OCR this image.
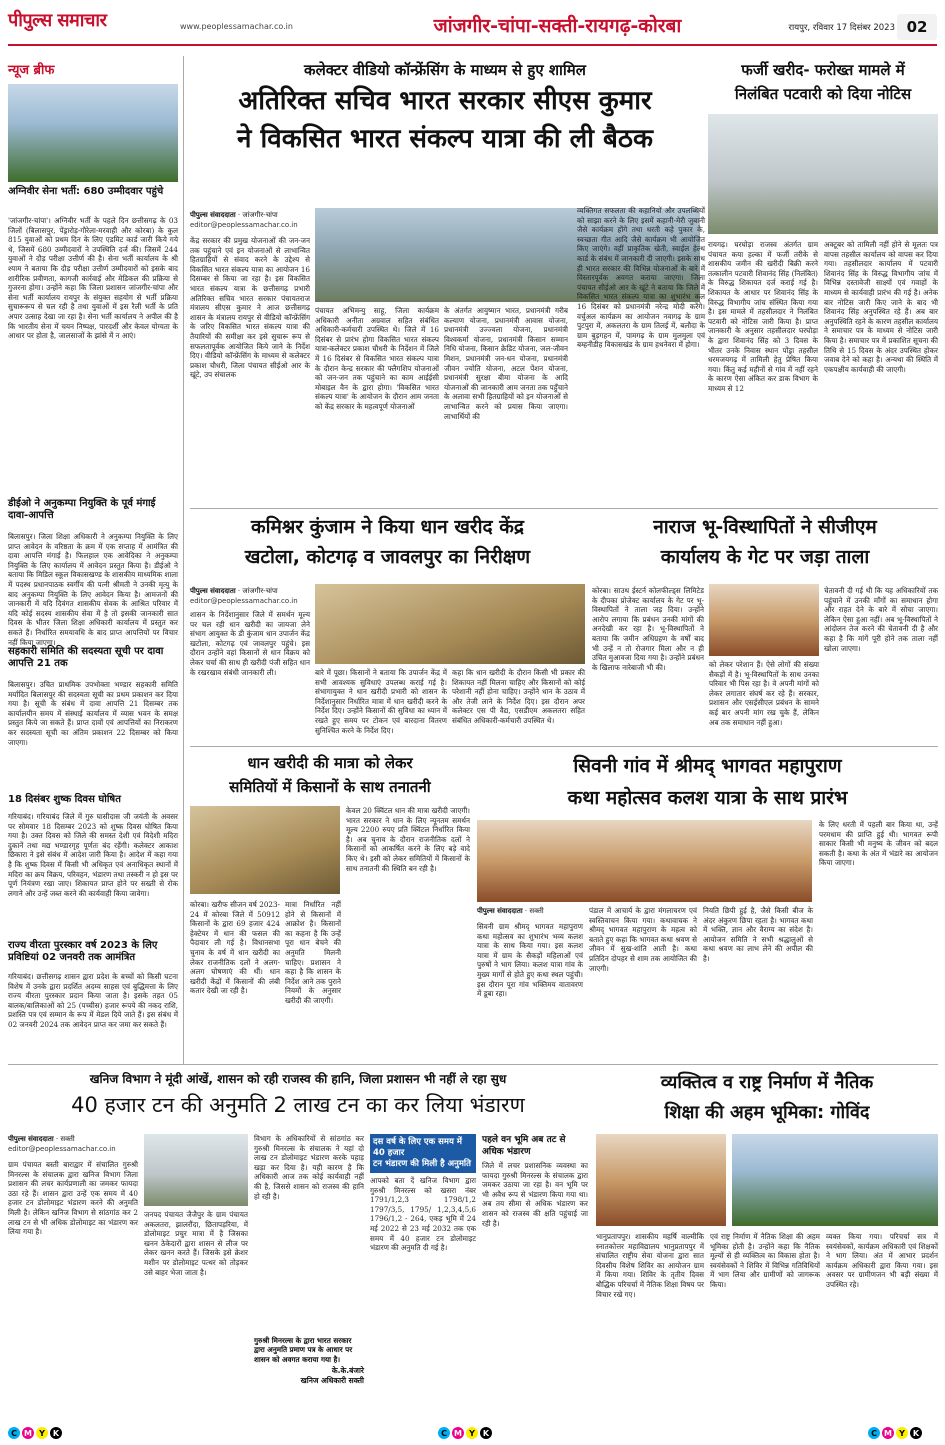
पीपुल्स समाचार	www.peoplessamachar.co.in	जांजगीर-चांपा-सक्ती-रायगढ़-कोरबा	रायपुर, रविवार 17 दिसंबर 2023 02
न्यूज ब्रीफ
अग्निवीर सेना भर्ती: 680 उम्मीदवार पहुंचे
'जांजगीर-चांपा'। अग्निवीर भर्ती के पहले दिन छत्तीसगढ़ के 03 जिलों (बिलासपुर, पेंड्रारोड़-गौरेला-मरवाही और कोरबा) के कुल 815 युवाओं को प्रथम दिन के लिए एडमिट कार्ड जारी किये गये थे, जिसमें 680 उम्मीदवारों ने उपस्थिति दर्ज की। जिसमें 244 युवाओं ने दौड़ परीक्षा उत्तीर्ण की है। सेना भर्ती कार्यालय के श्री श्याम ने बताया कि दौड़ परीक्षा उत्तीर्ण उम्मीदवारों को इसके बाद शारीरिक प्रवीणता, कागजी कार्रवाई और मेडिकल की प्रक्रिया से गुजरना होगा। उन्होंने कहा कि जिला प्रशासन जांजगीर-चांपा और सेना भर्ती कार्यालय रायपुर के संयुक्त सहयोग से भर्ती प्रक्रिया सुचारूरूप से चल रही है तथा युवाओं में इस रैली भर्ती के प्रति अपार उत्साह देखा जा रहा है। सेना भर्ती कार्यालय ने अपील की है कि भारतीय सेना में चयन निष्पक्ष, पारदर्शी और केवल योग्यता के आधार पर होता है, जालसाजों के झांसे में न आएं।
डीईओ ने अनुकम्पा नियुक्ति के पूर्व मंगाई दावा-आपत्ति
बिलासपुर। जिला शिक्षा अधिकारी ने अनुकम्पा नियुक्ति के लिए प्राप्त आवेदन के वरिष्ठता के क्रम में एक सप्ताह में आमंत्रित की दावा आपत्ति मंगाई है। फिलहाल एक आवेदिका ने अनुकम्पा नियुक्ति के लिए कार्यालय में आवेदन प्रस्तुत किया है। डीईओ ने बताया कि मिडिल स्कूल विकासखण्ड के शासकीय माध्यमिक शाला में पदस्थ प्रधानपाठक स्वर्गीय की पत्नी श्रीमती ने उनकी मृत्यु के बाद अनुकम्पा नियुक्ति के लिए आवेदन किया है। आमजनों की जानकारी में यदि दिवंगत शासकीय सेवक के आश्रित परिवार में यदि कोई सदस्य शासकीय सेवा में है तो इसकी जानकारी सात दिवस के भीतर जिला शिक्षा अधिकारी कार्यालय में प्रस्तुत कर सकते हैं। निर्धारित समयावधि के बाद प्राप्त आपत्तियों पर विचार नहीं किया जाएगा।
सहकारी समिति की सदस्यता सूची पर दावा आपत्ति 21 तक
बिलासपुर। उचित प्राथमिक उपभोक्ता भण्डार सहकारी समिति मर्यादित बिलासपुर की सदस्यता सूची का प्रथम प्रकाशन कर दिया गया है। सूची के संबंध में दावा आपत्ति 21 दिसम्बर तक कार्यालयीन समय में संस्थाई कार्यालय में व्यास भवन के समक्ष प्रस्तुत किये जा सकते हैं। प्राप्त दावों एवं आपत्तियों का निराकरण कर सदस्यता सूची का अंतिम प्रकाशन 22 दिसम्बर को किया जाएगा।
18 दिसंबर शुष्क दिवस घोषित
गरियाबंद। गरियाबंद जिले में गुरु घासीदास जी जयंती के अवसर पर सोमवार 18 दिसम्बर 2023 को शुष्क दिवस घोषित किया गया है। उक्त दिवस को जिले की समस्त देशी एवं विदेशी मदिरा दुकानें तथा मद्य भण्डारगृह पूर्णतः बंद रहेंगी। कलेक्टर आकाश छिकारा ने इसे संबंध में आदेश जारी किया है। आदेश में कहा गया है कि शुष्क दिवस में किसी भी अधिकृत एवं अनाधिकृत स्थानों में मदिरा का क्रय विक्रय, परिवहन, भंडारण तथा तस्करी न हो इस पर पूर्ण नियंत्रण रखा जाए। शिकायत प्राप्त होने पर सख्ती से रोक लगाने और उन्हें जब्त करने की कार्यवाही किया जावेगा।
राज्य वीरता पुरस्कार वर्ष 2023 के लिए प्रविष्टियां 02 जनवरी तक आमंत्रित
गरियाबंद। छत्तीसगढ़ शासन द्वारा प्रदेश के बच्चों को किसी घटना विशेष में उनके द्वारा प्रदर्शित अदम्य साहस एवं बुद्धिमत्ता के लिए राज्य वीरता पुरस्कार प्रदान किया जाता है। इसके तहत 05 बालक/बालिकाओं को 25 (पच्चीस) हजार रूपये की नकद राशि, प्रशस्ति पत्र एवं सम्मान के रूप में मेडल दिये जाते हैं। इस संबंध में 02 जनवरी 2024 तक आवेदन प्राप्त कर जमा कर सकते हैं।
कलेक्टर वीडियो कॉन्फ्रेंसिंग के माध्यम से हुए शामिल
अतिरिक्त सचिव भारत सरकार सीएस कुमार
ने विकसित भारत संकल्प यात्रा की ली बैठक
पीपुल्स संवाददाता · जांजगीर-चांपा
editor@peoplessamachar.co.in
केंद्र सरकार की प्रमुख योजनाओं की जन-जन तक पहुंचाने एवं इन योजनाओं से लाभान्वित हितग्राहियों से संवाद करने के उद्देश्य से विकसित भारत संकल्प यात्रा का आयोजन 16 दिसम्बर से किया जा रहा है। इस विकसित भारत संकल्प यात्रा के छत्तीसगढ़ प्रभारी अतिरिक्त सचिव भारत सरकार पंचायतराज मंत्रालय सीएस कुमार ने आज छत्तीसगढ़ शासन के मंत्रालय रायपुर से वीडियो कॉन्फ्रेंसिंग के जरिए विकसित भारत संकल्प यात्रा की तैयारियों की समीक्षा कर इसे सुचारू रूप से सफलतापूर्वक आयोजित किये जाने के निर्देश दिए। वीडियो कॉन्फ्रेंसिंग के माध्यम से कलेक्टर प्रकाश चौधरी, जिला पंचायत सीईओ आर के खूंटे, उप संचालक
पंचायत अभिमन्यु साहू, जिला कार्यक्रम अधिकारी अनीता अग्रवाल सहित संबंधित अधिकारी-कर्मचारी उपस्थित थे। जिले में 16 दिसंबर से प्रारंभ होगा विकसित भारत संकल्प यात्रा-कलेक्टर प्रकाश चौधरी के निर्देशन में जिले में 16 दिसंबर से विकसित भारत संकल्प यात्रा के दौरान केन्द्र सरकार की फ्लैगशिप योजनाओं को जन-जन तक पहुंचाने का काम आईईसी मोबाइल वैन के द्वारा होगा। 'विकसित भारत संकल्प यात्रा' के आयोजन के दौरान आम जनता को केंद्र सरकार के महत्वपूर्ण योजनाओं
के अंतर्गत आयुष्मान भारत, प्रधानमंत्री गरीब कल्याण योजना, प्रधानमंत्री आवास योजना, प्रधानमंत्री उज्ज्वला योजना, प्रधानमंत्री विश्वकर्मा योजना, प्रधानमंत्री किसान सम्मान निधि योजना, किसान क्रेडिट योजना, जल-जीवन मिशन, प्रधानमंत्री जन-धन योजना, प्रधानमंत्री जीवन ज्योति योजना, अटल पेंशन योजना, प्रधानमंत्री सुरक्षा बीमा योजना के आदि योजनाओं की जानकारी आम जनता तक पहुँचाने के अलावा सभी हितग्राहियों को इन योजनाओं से लाभान्वित करने को प्रयास किया जाएगा। लाभार्थियों की
व्यक्तिगत सफलता की कहानियों और उपलब्धियों को साझा करने के लिए इसमें कहानी-मेरी जुबानी जैसे कार्यक्रम होंगे तथा धरती कहे पुकार के, स्वच्छता गीत आदि जैसे कार्यक्रम भी आयोजित किए जाएंगे। वहीं प्राकृतिक खेती, स्वाईल हेल्थ कार्ड के संबंध में जानकारी दी जाएगी। इसके साथ ही भारत सरकार की विभिन्न योजनाओं के बारे में विस्तारपूर्वक अवगत कराया जाएगा। जिला पंचायत सीईओ आर के खूंटे ने बताया कि जिले में विकसित भारत संकल्प यात्रा का शुभारंभ कल 16 दिसंबर को प्रधानमंत्री नरेन्द्र मोदी करेंगे। वर्चुअल कार्यक्रम का आयोजन नवागढ़ के ग्राम पुटपुरा में, अकलतरा के ग्राम तिलई में, बलौदा के ग्राम बुड़गहन में, पामगढ़ के ग्राम मुलमुला एवं बम्हनीडीह विकासखंड के ग्राम हथनेवरा में होगा।
फर्जी खरीद- फरोख्त मामले में
निलंबित पटवारी को दिया नोटिस
रायगढ़। घरघोड़ा राजस्व अंतर्गत ग्राम पंचायत कया हल्का में फर्जी तरीके से शासकीय जमीन की खरीदी बिक्री करने तत्कालीन पटवारी शिवानंद सिंह (निलंबित) के विरुद्ध शिकायत दर्ज कराई गई है। शिकायत के आधार पर शिवानंद सिंह के विरुद्ध विभागीय जांच संस्थित किया गया है। इस मामले में तहसीलदार ने निलंबित पटवारी को नोटिस जारी किया है। प्राप्त जानकारी के अनुसार तहसीलदार घरघोड़ा के द्वारा शिवानंद सिंह को 3 दिवस के भीतर उनके निवास स्थान पोंड्रा तहसील धरमजयगढ़ में तामिली हेतु प्रेषित किया गया। किंतु कई महीनों से गांव में नहीं रहने के कारण ऐसा अंकित कर डाक विभाग के माध्यम से 12
अक्टूबर को तामिली नहीं होने से मूलतः पत्र वापस तहसील कार्यालय को वापस कर दिया गया। तहसीलदार कार्यालय में पटवारी शिवानंद सिंह के विरुद्ध विभागीय जांच में विभिन्न दस्तावेजी साक्ष्यों एवं गवाहों के माध्यम से कार्यवाही प्रारंभ की गई है। अनेक बार नोटिस जारी किए जाने के बाद भी शिवानंद सिंह अनुपस्थित रहे हैं। अब बार अनुपस्थिति रहने के कारण तहसील कार्यालय ने समाचार पत्र के माध्यम से नोटिस जारी किया है। समाचार पत्र में प्रकाशित सूचना की तिथि से 15 दिवस के अंदर उपस्थित होकर जवाब देने को कहा है। अन्यथा की स्थिति में एकपक्षीय कार्यवाही की जाएगी।
कमिश्नर कुंजाम ने किया धान खरीद केंद्र
खटोला, कोटगढ़ व जावलपुर का निरीक्षण
पीपुल्स संवाददाता · जांजगीर-चांपा
editor@peoplessamachar.co.in
शासन के निर्देशानुसार जिले में समर्थन मूल्य पर चल रही धान खरीदी का जायजा लेने संभाग आयुक्त के डी कुंजाम धान उपार्जन केंद्र खटोला, कोटगढ़ एवं जावलपुर पहुंचे। इस दौरान उन्होंने वहां किसानों से धान विक्रय को लेकर चर्चा की साथ ही खरीदी पंजी सहित धान के रखरखाव संबंधी जानकारी ली।	बारे में पूछा। किसानों ने बताया कि उपार्जन केंद्र में सभी आवश्यक सुविधाएं उपलब्ध कराई गई है। संभागायुक्त ने धान खरीदी प्रभारी को शासन के निर्देशानुसार निर्धारित मात्रा में धान खरीदी करने के निर्देश दिए। उन्होंने किसानों की सुविधा का ध्यान में रखते हुए समय पर टोकन एवं बारदाना वितरण सुनिश्चित करने के निर्देश दिए।
कहा कि धान खरीदी के दौरान किसी भी प्रकार की शिकायत नहीं मिलना चाहिए और किसानों को कोई परेशानी नहीं होना चाहिए। उन्होंने धान के उठाव में और तेजी लाने के निर्देश दिए। इस दौरान अपर कलेक्टर एस पी वैद्य, एसडीएम अकलतरा सहित संबंधित अधिकारी-कर्मचारी उपस्थित थे।
नाराज भू-विस्थापितों ने सीजीएम
कार्यालय के गेट पर जड़ा ताला
कोरबा। साउथ ईस्टर्न कोलफील्ड्स लिमिटेड के दीपका प्रोजेक्ट कार्यालय के गेट पर भू-विस्थापितों ने ताला जड़ दिया। उन्होंने आरोप लगाया कि प्रबंधन उनकी मांगों की अनदेखी कर रहा है। भू-विस्थापितों ने बताया कि जमीन अधिग्रहण के वर्षों बाद भी उन्हें न तो रोजगार मिला और न ही उचित मुआवजा दिया गया है। उन्होंने प्रबंधन के खिलाफ नारेबाजी भी की।	को लेकर परेशान हैं। ऐसे लोगों की संख्या सैकड़ों में है। भू-विस्थापितों के साथ उनका परिवार भी पिस रहा है। वे अपनी मांगों को लेकर लगातार संघर्ष कर रहे हैं। सरकार, प्रशासन और एसईसीएल प्रबंधन के सामने कई बार अपनी मांग रख चुके हैं, लेकिन अब तक समाधान नहीं हुआ।
चेतावनी दी गई थी कि यह अधिकारियों तक पहुंचाने में उनकी माँगों का समाधान होगा और राहत देने के बारे में सोचा जाएगा। लेकिन ऐसा हुआ नहीं। अब भू-विस्थापितों ने आंदोलन तेज करने की चेतावनी दी है और कहा है कि मांगें पूरी होने तक ताला नहीं खोला जाएगा।
धान खरीदी की मात्रा को लेकर
समितियों में किसानों के साथ तनातनी
कोरबा। खरीफ सीजन वर्ष 2023-24 में कोरबा जिले में 50912 किसानों के द्वारा 69 हजार 424 हेक्टेयर में धान की फसल की पैदावार ली गई है। विधानसभा चुनाव के वर्ष में धान खरीदी का लेकर राजनीतिक दलों ने अलग-अलग घोषणाएं की थीं। धान खरीदी केंद्रों में किसानों की लंबी कतार देखी जा रही है।
केवल 20 क्विंटल धान की मात्रा खरीदी जाएगी। भारत सरकार ने धान के लिए न्यूनतम समर्थन मूल्य 2200 रुपए प्रति क्विंटल निर्धारित किया है। अब चुनाव के दौरान राजनीतिक दलों ने किसानों को आकर्षित करने के लिए बड़े वादे किए थे। इसी को लेकर समितियों में किसानों के साथ तनातनी की स्थिति बन रही है।
मात्रा निर्धारित नहीं होने से किसानों में आक्रोश है। किसानों का कहना है कि उन्हें पूरा धान बेचने की अनुमति मिलनी चाहिए। प्रशासन ने कहा है कि शासन के निर्देश आने तक पुराने नियमों के अनुसार खरीदी की जाएगी।
सिवनी गांव में श्रीमद् भागवत महापुराण
कथा महोत्सव कलश यात्रा के साथ प्रारंभ
पीपुल्स संवाददाता · सक्ती
सिवनी ग्राम श्रीमद् भागवत महापुराण कथा महोत्सव का शुभारंभ भव्य कलश यात्रा के साथ किया गया। इस कलश यात्रा में ग्राम के सैकड़ों महिलाओं एवं पुरुषों ने भाग लिया। कलश यात्रा गांव के मुख्य मार्गों से होते हुए कथा स्थल पहुंची। इस दौरान पूरा गांव भक्तिमय वातावरण में डूबा रहा।
पंडाल में आचार्य के द्वारा मंगलाचरण एवं स्वस्तिवाचन किया गया। कथावाचक ने श्रीमद् भागवत महापुराण के महत्व को बताते हुए कहा कि भागवत कथा श्रवण से जीवन में सुख-शांति आती है। कथा प्रतिदिन दोपहर से शाम तक आयोजित की जाएगी।
नियति छिपी हुई है, जैसे किसी बीज के अंदर अंकुरण छिपा रहता है। भागवत कथा में भक्ति, ज्ञान और वैराग्य का संदेश है। आयोजन समिति ने सभी श्रद्धालुओं से कथा श्रवण का लाभ लेने की अपील की है।
के लिए धरती में पहली बार किया था, उन्हें परमधाम की प्राप्ति हुई थी। भागवत रूपी साकार किसी भी मनुष्य के जीवन को बदल सकती है। कथा के अंत में भंडारे का आयोजन किया जाएगा।
खनिज विभाग ने मूंदी आंखें, शासन को रही राजस्व की हानि, जिला प्रशासन भी नहीं ले रहा सुध
40 हजार टन की अनुमति 2 लाख टन का कर लिया भंडारण
पीपुल्स संवाददाता · सक्ती
editor@peoplessamachar.co.in
ग्राम पंचायत बस्ती बाराद्वार में संचालित गुरुश्री मिनरल्स के संचालक द्वारा खनिज विभाग जिला प्रशासन की लचर कार्यप्रणाली का जमकर फायदा उठा रहे हैं। शासन द्वारा उन्हें एक समय में 40 हजार टन डोलोमाइट भंडारण करने की अनुमति मिली है। लेकिन खनिज विभाग से सांठगांठ कर 2 लाख टन से भी अधिक डोलोमाइट का भंडारण कर लिया गया है।
जनपद पंचायत जैजैपुर के ग्राम पंचायत अकलतरा, झालरौंदा, छितापड़रिया, में डोलोमाइट प्रचुर मात्रा में है जिसका खनन ठेकेदारों द्वारा शासन से लीज पर लेकर खनन करते हैं। जिसके इसे क्रेशर मशीन पर डोलोमाइट पत्थर को तोड़कर उसे बाहर भेजा जाता है।
विभाग के अधिकारियों से सांठगांठ कर गुरुश्री मिनरल्स के संचालक ने यहां दो लाख टन डोलोमाइट भंडारण करके पहाड़ खड़ा कर दिया है। यही कारण है कि अधिकारी आज तक कोई कार्यवाही नहीं की है, जिससे शासन को राजस्व की हानि हो रही है।
गुरुश्री मिनरल्स के द्वारा भारत सरकार द्वारा अनुमति प्रमाण पत्र के आधार पर शासन को अवगत कराया गया है।
के.के.बंजारे
खनिज अधिकारी सक्ती
दस वर्ष के लिए एक समय में 40 हजार
टन भंडारण की मिली है अनुमति
आपको बता दें खनिज विभाग द्वारा गुरुश्री मिनरल्स को खसरा नंबर 1791/1,2,3 1798/1,2 1797/3,5, 1795/ 1,2,3,4,5,6 1796/1,2 - 264, एकड़ भूमि में 24 मई 2022 से 23 मई 2032 तक एक समय में 40 हजार टन डोलोमाइट भंडारण की अनुमति दी गई है।
पहले वन भूमि अब तट से
अधिक भंडारण
जिले में लचर प्रशासनिक व्यवस्था का फायदा गुरुश्री मिनरल्स के संचालक द्वारा जमकर उठाया जा रहा है। वन भूमि पर भी अवैध रूप से भंडारण किया गया था। अब तय सीमा से अधिक भंडारण कर शासन को राजस्व की क्षति पहुंचाई जा रही है।
व्यक्तित्व व राष्ट्र निर्माण में नैतिक
शिक्षा की अहम भूमिका: गोविंद
भानुप्रतापपुर। शासकीय महर्षि वाल्मीकि स्नातकोत्तर महाविद्यालय भानुप्रतापपुर में संचालित राष्ट्रीय सेवा योजना द्वारा सात दिवसीय विशेष शिविर का आयोजन ग्राम में किया गया। शिविर के तृतीय दिवस बौद्धिक परिचर्चा में नैतिक शिक्षा विषय पर विचार रखे गए।
एवं राष्ट्र निर्माण में नैतिक शिक्षा की अहम भूमिका होती है। उन्होंने कहा कि नैतिक मूल्यों से ही व्यक्तित्व का विकास होता है। स्वयंसेवकों ने शिविर में विभिन्न गतिविधियों में भाग लिया और ग्रामीणों को जागरूक किया।
व्यक्त किया गया। परिचर्चा सत्र में स्वयंसेवकों, कार्यक्रम अधिकारी एवं शिक्षकों ने भाग लिया। अंत में आभार प्रदर्शन कार्यक्रम अधिकारी द्वारा किया गया। इस अवसर पर ग्रामीणजन भी बड़ी संख्या में उपस्थित रहे।
C M Y	K	C M Y	K	C M Y	K
